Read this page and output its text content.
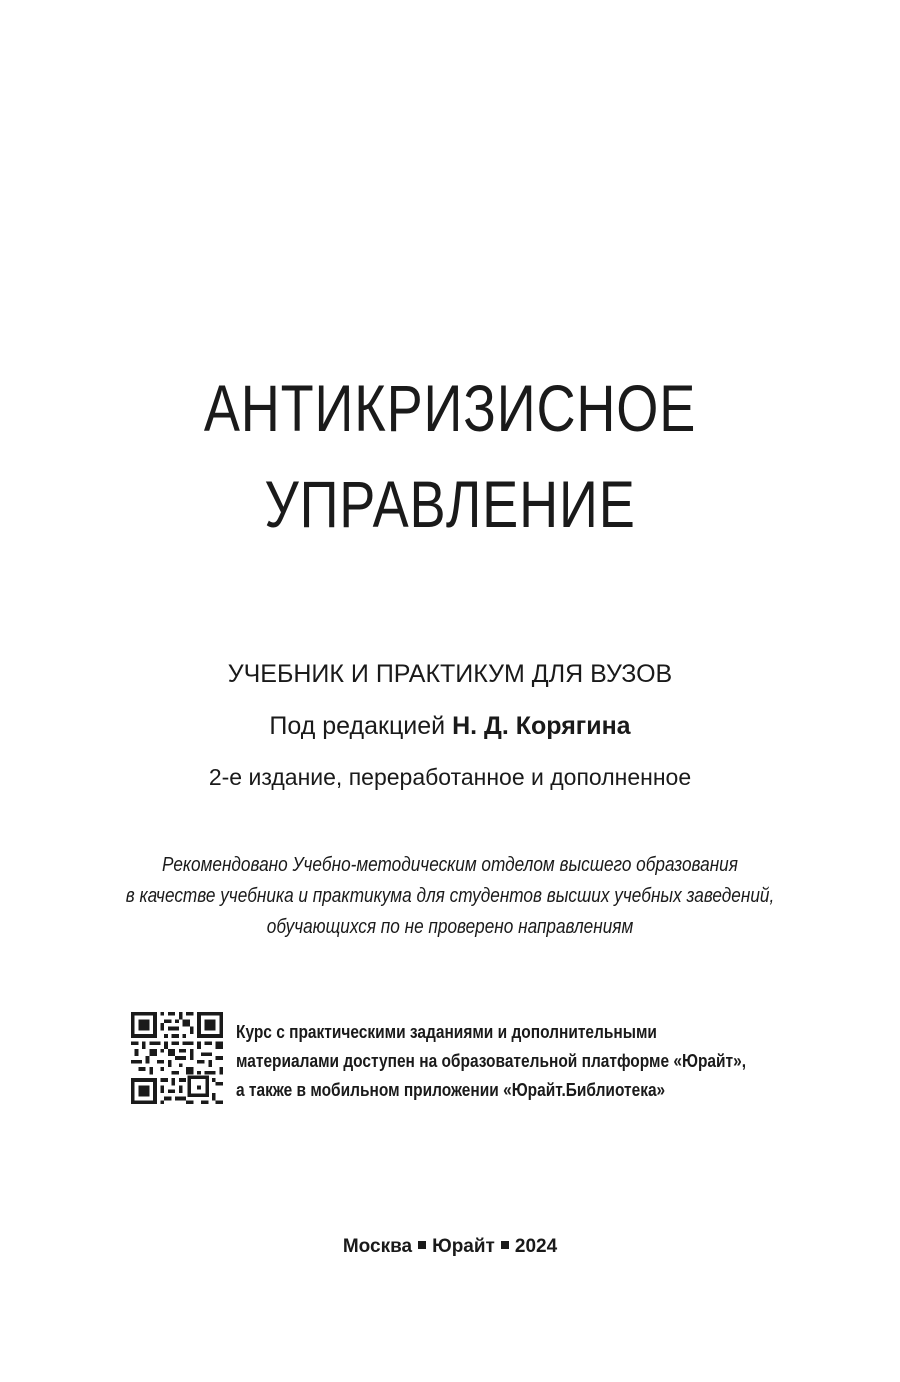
АНТИКРИЗИСНОЕ
УПРАВЛЕНИЕ
УЧЕБНИК И ПРАКТИКУМ ДЛЯ ВУЗОВ
Под редакцией Н. Д. Корягина
2-е издание, переработанное и дополненное
Рекомендовано Учебно-методическим отделом высшего образования
в качестве учебника и практикума для студентов высших учебных заведений,
обучающихся по не проверено направлениям
Курс с практическими заданиями и дополнительными
материалами доступен на образовательной платформе «Юрайт»,
а также в мобильном приложении «Юрайт.Библиотека»
Москва Юрайт 2024
